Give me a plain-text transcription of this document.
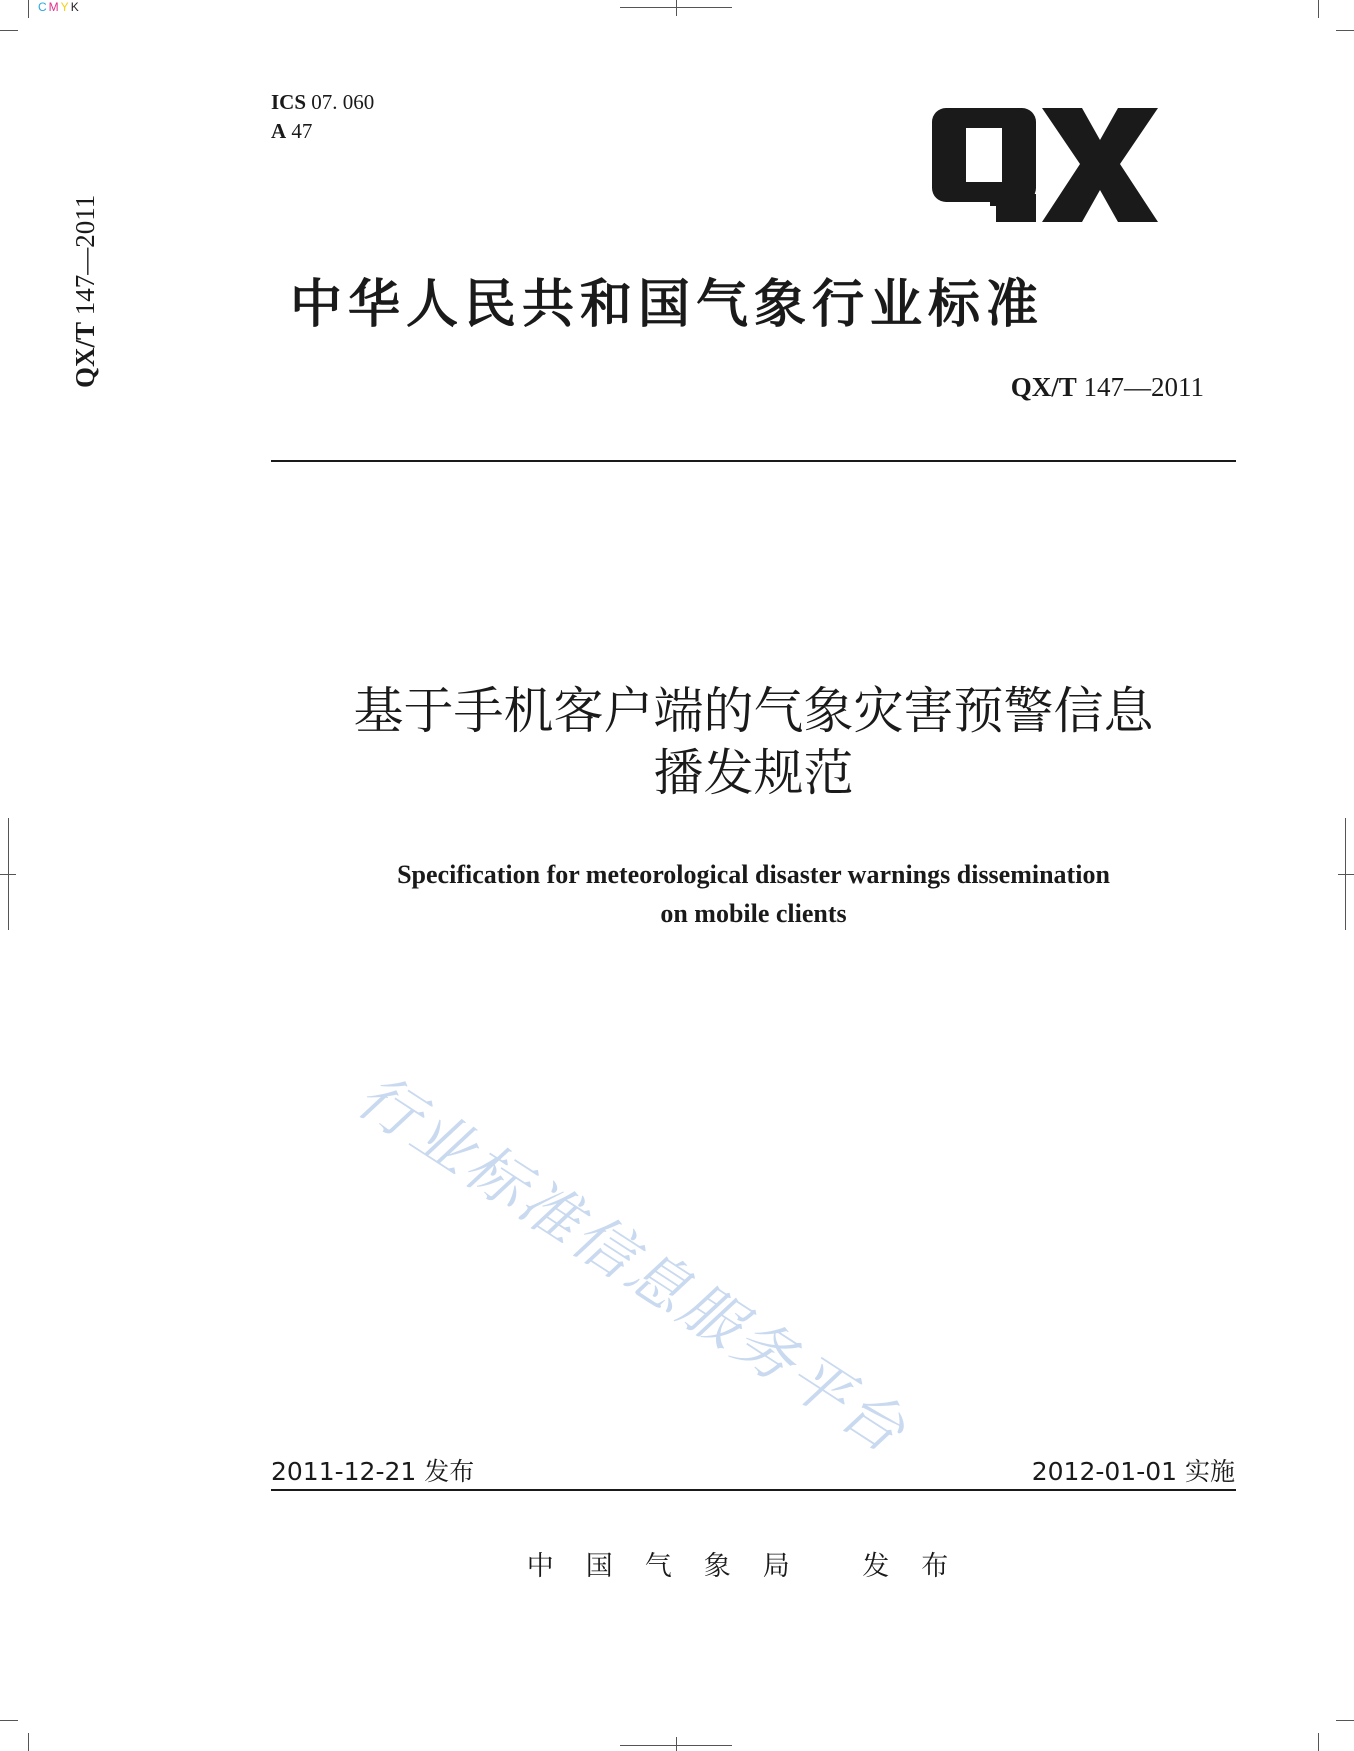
CMYK
QX/T 147—2011
ICS 07. 060
A 47
中华人民共和国气象行业标准
QX/T 147—2011
基于手机客户端的气象灾害预警信息
播发规范
Specification for meteorological disaster warnings dissemination
on mobile clients
行业标准信息服务平台
2011-12-21 发布	2012-01-01 实施
中国气象局 发布
